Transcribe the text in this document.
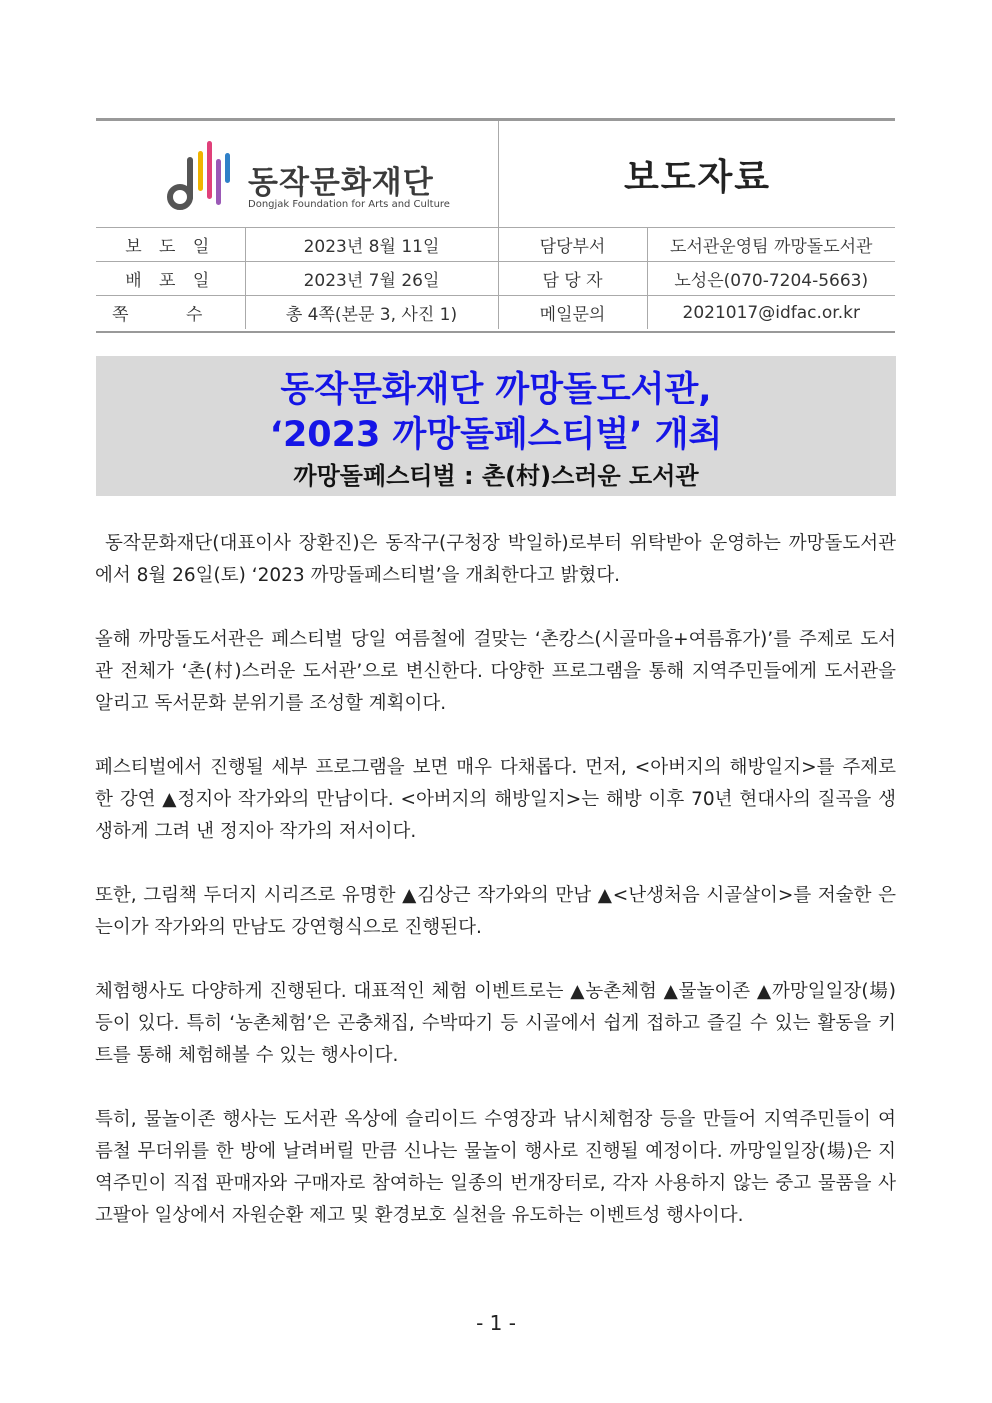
동작문화재단
Dongjak Foundation for Arts and Culture
보도자료
보 도 일	2023년 8월 11일	담당부서	도서관운영팀 까망돌도서관
배 포 일	2023년 7월 26일	담 당 자	노성은(070-7204-5663)
쪽 수	총 4쪽(본문 3, 사진 1)	메일문의	2021017@idfac.or.kr
동작문화재단 까망돌도서관,
‘2023 까망돌페스티벌’ 개최
까망돌페스티벌 : 촌(村)스러운 도서관

동작문화재단(대표이사 장환진)은 동작구(구청장 박일하)로부터 위탁받아 운영하는 까망돌도서관에서 8월 26일(토) ‘2023 까망돌페스티벌’을 개최한다고 밝혔다.

올해 까망돌도서관은 페스티벌 당일 여름철에 걸맞는 ‘촌캉스(시골마을+여름휴가)’를 주제로 도서관 전체가 ‘촌(村)스러운 도서관’으로 변신한다. 다양한 프로그램을 통해 지역주민들에게 도서관을 알리고 독서문화 분위기를 조성할 계획이다.

페스티벌에서 진행될 세부 프로그램을 보면 매우 다채롭다. 먼저, <아버지의 해방일지>를 주제로 한 강연 ▲정지아 작가와의 만남이다. <아버지의 해방일지>는 해방 이후 70년 현대사의 질곡을 생생하게 그려 낸 정지아 작가의 저서이다.

또한, 그림책 두더지 시리즈로 유명한 ▲김상근 작가와의 만남 ▲<난생처음 시골살이>를 저술한 은는이가 작가와의 만남도 강연형식으로 진행된다.

체험행사도 다양하게 진행된다. 대표적인 체험 이벤트로는 ▲농촌체험 ▲물놀이존 ▲까망일일장(場) 등이 있다. 특히 ‘농촌체험’은 곤충채집, 수박따기 등 시골에서 쉽게 접하고 즐길 수 있는 활동을 키트를 통해 체험해볼 수 있는 행사이다.

특히, 물놀이존 행사는 도서관 옥상에 슬리이드 수영장과 낚시체험장 등을 만들어 지역주민들이 여름철 무더위를 한 방에 날려버릴 만큼 신나는 물놀이 행사로 진행될 예정이다. 까망일일장(場)은 지역주민이 직접 판매자와 구매자로 참여하는 일종의 번개장터로, 각자 사용하지 않는 중고 물품을 사고팔아 일상에서 자원순환 제고 및 환경보호 실천을 유도하는 이벤트성 행사이다.

- 1 -
